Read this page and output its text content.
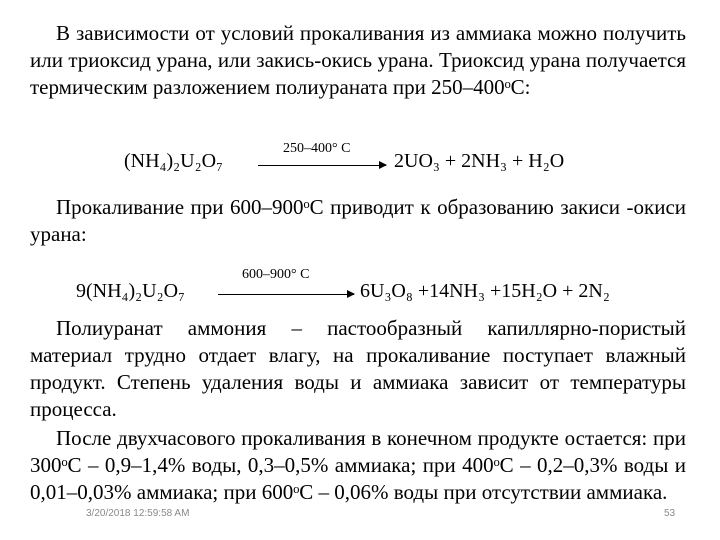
В зависимости от условий прокаливания из аммиака можно получить или триоксид урана, или закись-окись урана. Триоксид урана получается термическим разложением полиураната при 250–400ᵒС:

(NH₄)₂U₂O₇
250–400° C
2UO₃ + 2NH₃ + H₂O

Прокаливание при 600–900ᵒС приводит к образованию закиси -окиси урана:

9(NH₄)₂U₂O₇
600–900° C
6U₃O₈ +14NH₃ +15H₂O + 2N₂

Полиуранат аммония – пастообразный капиллярно-пористый материал трудно отдает влагу, на прокаливание поступает влажный продукт. Степень удаления воды и аммиака зависит от температуры процесса.

После двухчасового прокаливания в конечном продукте остается: при 300ᵒС – 0,9–1,4% воды, 0,3–0,5% аммиака; при 400ᵒС – 0,2–0,3% воды и 0,01–0,03% аммиака; при 600ᵒС – 0,06% воды при отсутствии аммиака.

3/20/2018 12:59:58 AM	53
